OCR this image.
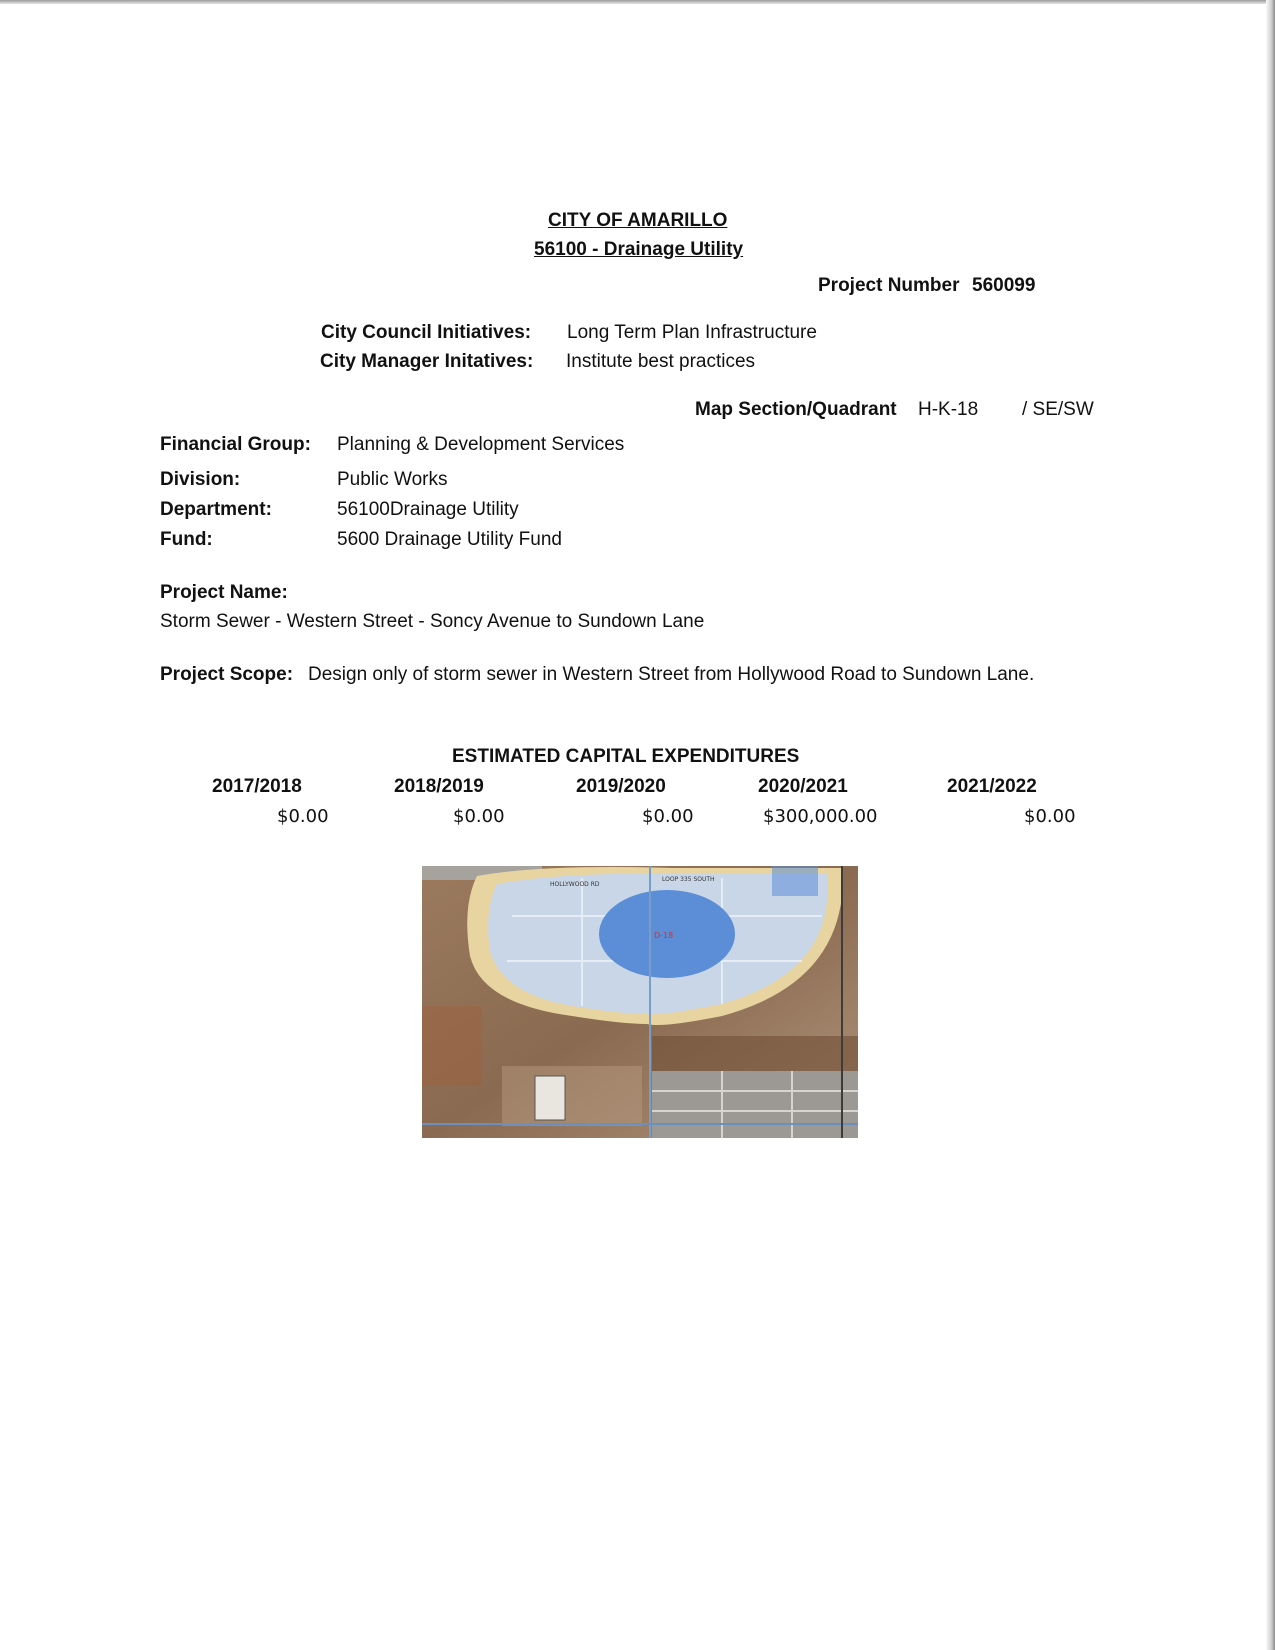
CITY OF AMARILLO
56100 - Drainage Utility
Project Number 560099
City Council Initiatives: Long Term Plan Infrastructure
City Manager Initatives: Institute best practices
Map Section/Quadrant H-K-18 / SE/SW
Financial Group: Planning & Development Services
Division:	Public Works
Department:	56100Drainage Utility
Fund:	5600 Drainage Utility Fund
Project Name:
Storm Sewer - Western Street - Soncy Avenue to Sundown Lane
Project Scope: Design only of storm sewer in Western Street from Hollywood Road to Sundown Lane.
ESTIMATED CAPITAL EXPENDITURES
2017/2018	2018/2019	2019/2020	2020/2021	2021/2022
$0.00	$0.00	$0.00	$300,000.00	$0.00
D-18
HOLLYWOOD RD
LOOP 335 SOUTH
